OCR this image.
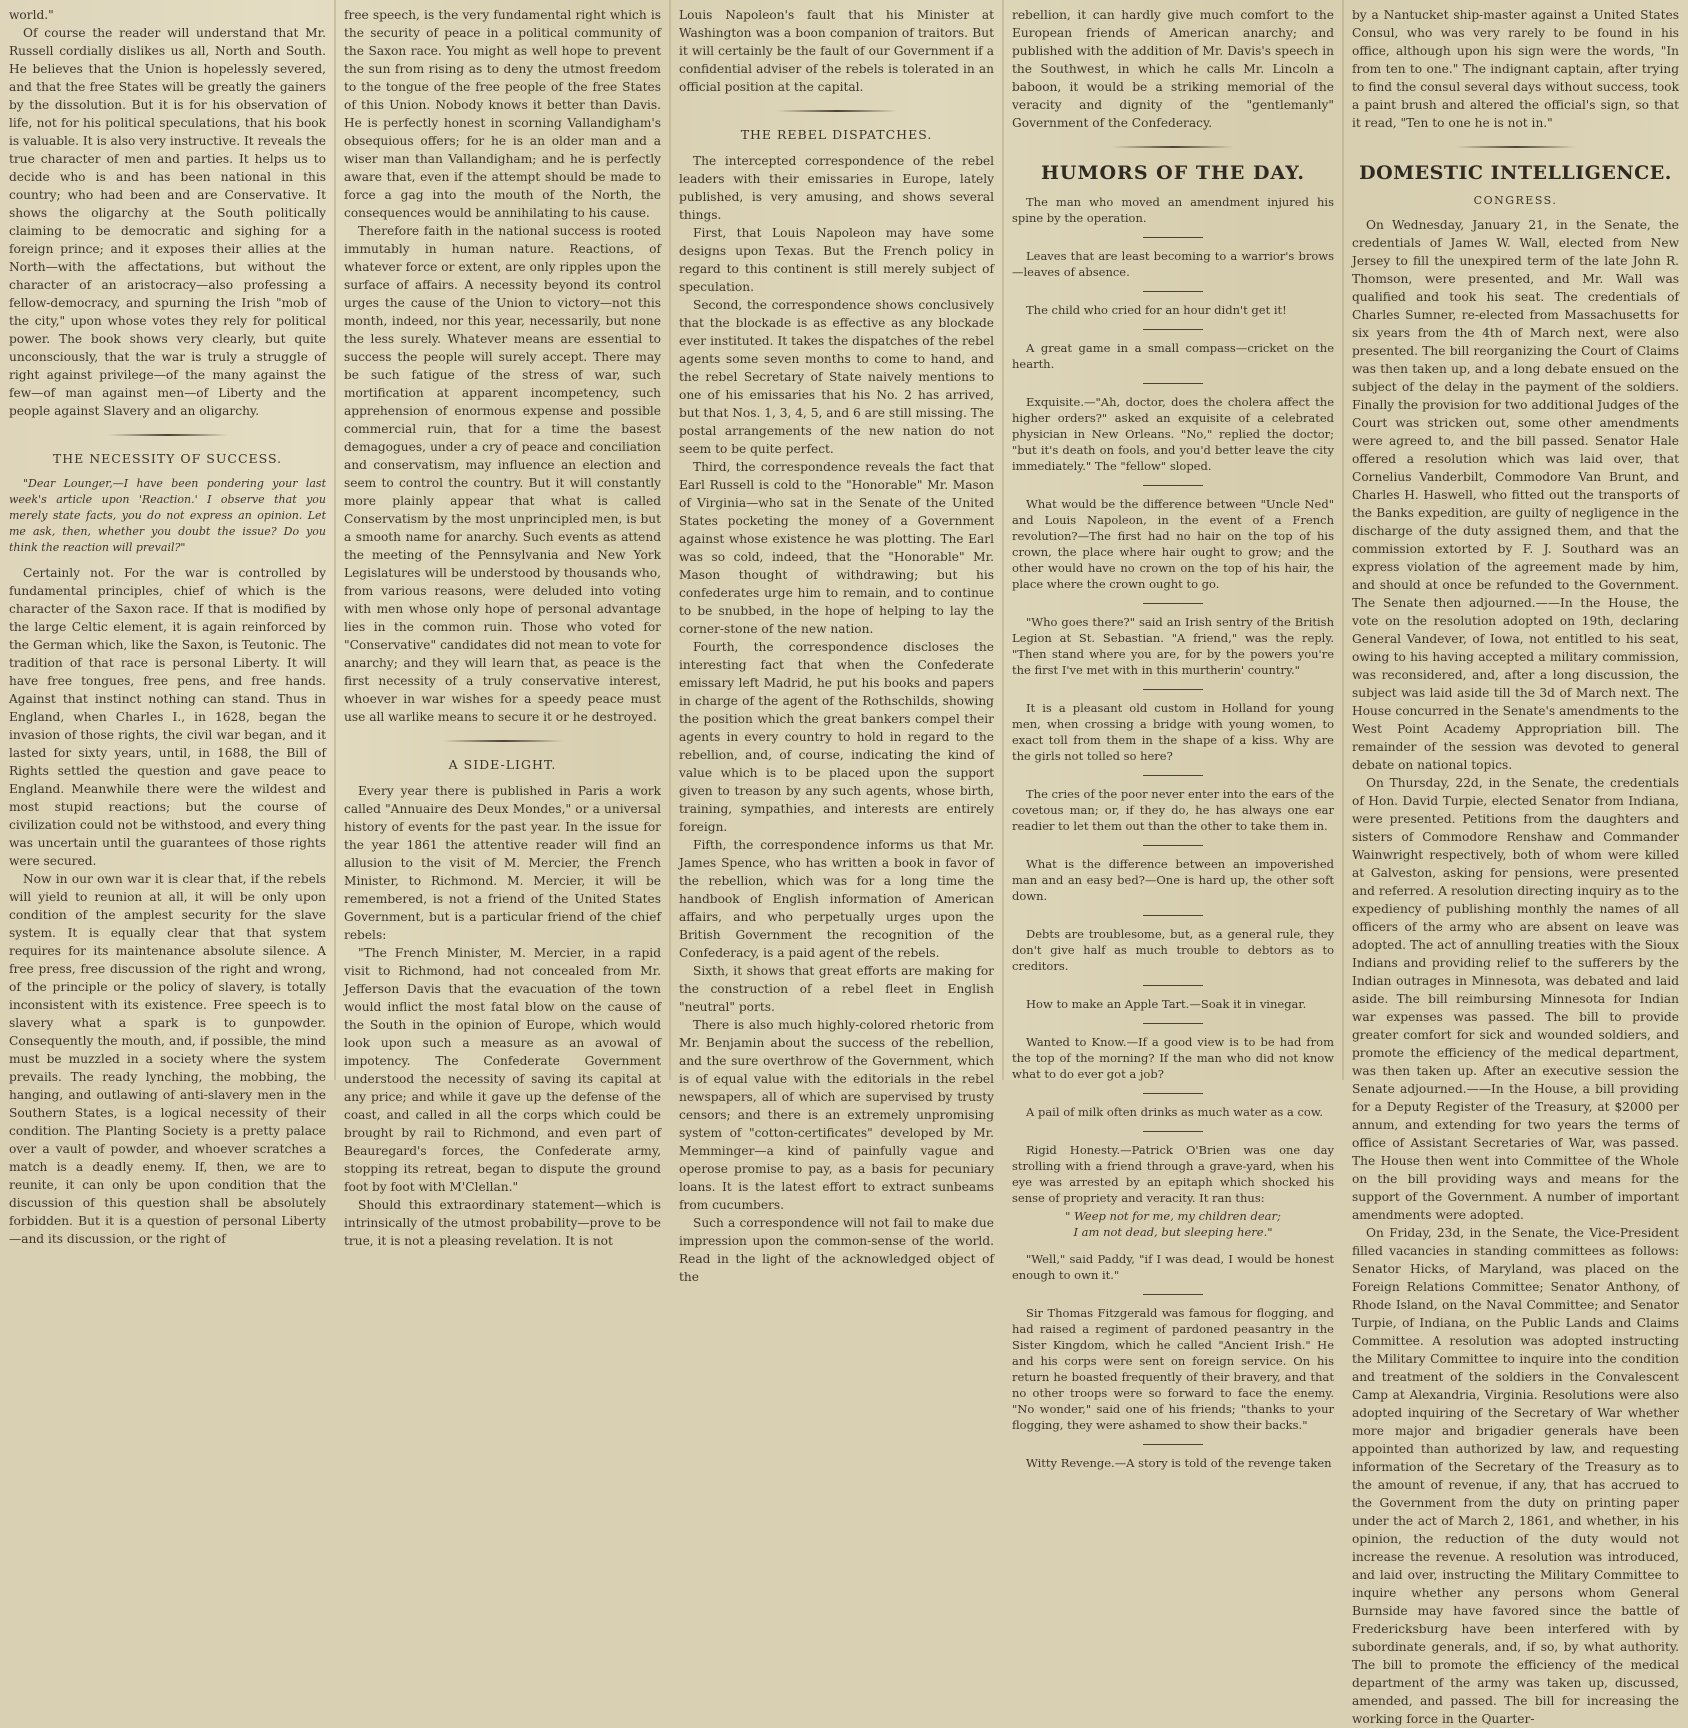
world."

Of course the reader will understand that Mr. Russell cordially dislikes us all, North and South. He believes that the Union is hopelessly severed, and that the free States will be greatly the gainers by the dissolution. But it is for his observation of life, not for his political speculations, that his book is valuable. It is also very instructive. It reveals the true character of men and parties. It helps us to decide who is and has been national in this country; who had been and are Conservative. It shows the oligarchy at the South politically claiming to be democratic and sighing for a foreign prince; and it exposes their allies at the North—with the affectations, but without the character of an aristocracy—also professing a fellow-democracy, and spurning the Irish "mob of the city," upon whose votes they rely for political power. The book shows very clearly, but quite unconsciously, that the war is truly a struggle of right against privilege—of the many against the few—of man against men—of Liberty and the people against Slavery and an oligarchy.

THE NECESSITY OF SUCCESS.

"Dear Lounger,—I have been pondering your last week's article upon 'Reaction.' I observe that you merely state facts, you do not express an opinion. Let me ask, then, whether you doubt the issue? Do you think the reaction will prevail?"

Certainly not. For the war is controlled by fundamental principles, chief of which is the character of the Saxon race. If that is modified by the large Celtic element, it is again reinforced by the German which, like the Saxon, is Teutonic. The tradition of that race is personal Liberty. It will have free tongues, free pens, and free hands. Against that instinct nothing can stand. Thus in England, when Charles I., in 1628, began the invasion of those rights, the civil war began, and it lasted for sixty years, until, in 1688, the Bill of Rights settled the question and gave peace to England. Meanwhile there were the wildest and most stupid reactions; but the course of civilization could not be withstood, and every thing was uncertain until the guarantees of those rights were secured.

Now in our own war it is clear that, if the rebels will yield to reunion at all, it will be only upon condition of the amplest security for the slave system. It is equally clear that that system requires for its maintenance absolute silence. A free press, free discussion of the right and wrong, of the principle or the policy of slavery, is totally inconsistent with its existence. Free speech is to slavery what a spark is to gunpowder. Consequently the mouth, and, if possible, the mind must be muzzled in a society where the system prevails. The ready lynching, the mobbing, the hanging, and outlawing of anti-slavery men in the Southern States, is a logical necessity of their condition. The Planting Society is a pretty palace over a vault of powder, and whoever scratches a match is a deadly enemy. If, then, we are to reunite, it can only be upon condition that the discussion of this question shall be absolutely forbidden. But it is a question of personal Liberty—and its discussion, or the right of

free speech, is the very fundamental right which is the security of peace in a political community of the Saxon race. You might as well hope to prevent the sun from rising as to deny the utmost freedom to the tongue of the free people of the free States of this Union. Nobody knows it better than Davis. He is perfectly honest in scorning Vallandigham's obsequious offers; for he is an older man and a wiser man than Vallandigham; and he is perfectly aware that, even if the attempt should be made to force a gag into the mouth of the North, the consequences would be annihilating to his cause.

Therefore faith in the national success is rooted immutably in human nature. Reactions, of whatever force or extent, are only ripples upon the surface of affairs. A necessity beyond its control urges the cause of the Union to victory—not this month, indeed, nor this year, necessarily, but none the less surely. Whatever means are essential to success the people will surely accept. There may be such fatigue of the stress of war, such mortification at apparent incompetency, such apprehension of enormous expense and possible commercial ruin, that for a time the basest demagogues, under a cry of peace and conciliation and conservatism, may influence an election and seem to control the country. But it will constantly more plainly appear that what is called Conservatism by the most unprincipled men, is but a smooth name for anarchy. Such events as attend the meeting of the Pennsylvania and New York Legislatures will be understood by thousands who, from various reasons, were deluded into voting with men whose only hope of personal advantage lies in the common ruin. Those who voted for "Conservative" candidates did not mean to vote for anarchy; and they will learn that, as peace is the first necessity of a truly conservative interest, whoever in war wishes for a speedy peace must use all warlike means to secure it or he destroyed.

A SIDE-LIGHT.

Every year there is published in Paris a work called "Annuaire des Deux Mondes," or a universal history of events for the past year. In the issue for the year 1861 the attentive reader will find an allusion to the visit of M. Mercier, the French Minister, to Richmond. M. Mercier, it will be remembered, is not a friend of the United States Government, but is a particular friend of the chief rebels:

"The French Minister, M. Mercier, in a rapid visit to Richmond, had not concealed from Mr. Jefferson Davis that the evacuation of the town would inflict the most fatal blow on the cause of the South in the opinion of Europe, which would look upon such a measure as an avowal of impotency. The Confederate Government understood the necessity of saving its capital at any price; and while it gave up the defense of the coast, and called in all the corps which could be brought by rail to Richmond, and even part of Beauregard's forces, the Confederate army, stopping its retreat, began to dispute the ground foot by foot with M'Clellan."

Should this extraordinary statement—which is intrinsically of the utmost probability—prove to be true, it is not a pleasing revelation. It is not

Louis Napoleon's fault that his Minister at Washington was a boon companion of traitors. But it will certainly be the fault of our Government if a confidential adviser of the rebels is tolerated in an official position at the capital.

THE REBEL DISPATCHES.

The intercepted correspondence of the rebel leaders with their emissaries in Europe, lately published, is very amusing, and shows several things.

First, that Louis Napoleon may have some designs upon Texas. But the French policy in regard to this continent is still merely subject of speculation.

Second, the correspondence shows conclusively that the blockade is as effective as any blockade ever instituted. It takes the dispatches of the rebel agents some seven months to come to hand, and the rebel Secretary of State naively mentions to one of his emissaries that his No. 2 has arrived, but that Nos. 1, 3, 4, 5, and 6 are still missing. The postal arrangements of the new nation do not seem to be quite perfect.

Third, the correspondence reveals the fact that Earl Russell is cold to the "Honorable" Mr. Mason of Virginia—who sat in the Senate of the United States pocketing the money of a Government against whose existence he was plotting. The Earl was so cold, indeed, that the "Honorable" Mr. Mason thought of withdrawing; but his confederates urge him to remain, and to continue to be snubbed, in the hope of helping to lay the corner-stone of the new nation.

Fourth, the correspondence discloses the interesting fact that when the Confederate emissary left Madrid, he put his books and papers in charge of the agent of the Rothschilds, showing the position which the great bankers compel their agents in every country to hold in regard to the rebellion, and, of course, indicating the kind of value which is to be placed upon the support given to treason by any such agents, whose birth, training, sympathies, and interests are entirely foreign.

Fifth, the correspondence informs us that Mr. James Spence, who has written a book in favor of the rebellion, which was for a long time the handbook of English information of American affairs, and who perpetually urges upon the British Government the recognition of the Confederacy, is a paid agent of the rebels.

Sixth, it shows that great efforts are making for the construction of a rebel fleet in English "neutral" ports.

There is also much highly-colored rhetoric from Mr. Benjamin about the success of the rebellion, and the sure overthrow of the Government, which is of equal value with the editorials in the rebel newspapers, all of which are supervised by trusty censors; and there is an extremely unpromising system of "cotton-certificates" developed by Mr. Memminger—a kind of painfully vague and operose promise to pay, as a basis for pecuniary loans. It is the latest effort to extract sunbeams from cucumbers.

Such a correspondence will not fail to make due impression upon the common-sense of the world. Read in the light of the acknowledged object of the

rebellion, it can hardly give much comfort to the European friends of American anarchy; and published with the addition of Mr. Davis's speech in the Southwest, in which he calls Mr. Lincoln a baboon, it would be a striking memorial of the veracity and dignity of the "gentlemanly" Government of the Confederacy.

HUMORS OF THE DAY.

The man who moved an amendment injured his spine by the operation.

Leaves that are least becoming to a warrior's brows—leaves of absence.

The child who cried for an hour didn't get it!

A great game in a small compass—cricket on the hearth.

Exquisite.—"Ah, doctor, does the cholera affect the higher orders?" asked an exquisite of a celebrated physician in New Orleans. "No," replied the doctor; "but it's death on fools, and you'd better leave the city immediately." The "fellow" sloped.

What would be the difference between "Uncle Ned" and Louis Napoleon, in the event of a French revolution?—The first had no hair on the top of his crown, the place where hair ought to grow; and the other would have no crown on the top of his hair, the place where the crown ought to go.

"Who goes there?" said an Irish sentry of the British Legion at St. Sebastian. "A friend," was the reply. "Then stand where you are, for by the powers you're the first I've met with in this murtherin' country."

It is a pleasant old custom in Holland for young men, when crossing a bridge with young women, to exact toll from them in the shape of a kiss. Why are the girls not tolled so here?

The cries of the poor never enter into the ears of the covetous man; or, if they do, he has always one ear readier to let them out than the other to take them in.

What is the difference between an impoverished man and an easy bed?—One is hard up, the other soft down.

Debts are troublesome, but, as a general rule, they don't give half as much trouble to debtors as to creditors.

How to make an Apple Tart.—Soak it in vinegar.

Wanted to Know.—If a good view is to be had from the top of the morning? If the man who did not know what to do ever got a job?

A pail of milk often drinks as much water as a cow.

Rigid Honesty.—Patrick O'Brien was one day strolling with a friend through a grave-yard, when his eye was arrested by an epitaph which shocked his sense of propriety and veracity. It ran thus:

" Weep not for me, my children dear;

I am not dead, but sleeping here."

"Well," said Paddy, "if I was dead, I would be honest enough to own it."

Sir Thomas Fitzgerald was famous for flogging, and had raised a regiment of pardoned peasantry in the Sister Kingdom, which he called "Ancient Irish." He and his corps were sent on foreign service. On his return he boasted frequently of their bravery, and that no other troops were so forward to face the enemy. "No wonder," said one of his friends; "thanks to your flogging, they were ashamed to show their backs."

Witty Revenge.—A story is told of the revenge taken

by a Nantucket ship-master against a United States Consul, who was very rarely to be found in his office, although upon his sign were the words, "In from ten to one." The indignant captain, after trying to find the consul several days without success, took a paint brush and altered the official's sign, so that it read, "Ten to one he is not in."

DOMESTIC INTELLIGENCE.
CONGRESS.

On Wednesday, January 21, in the Senate, the credentials of James W. Wall, elected from New Jersey to fill the unexpired term of the late John R. Thomson, were presented, and Mr. Wall was qualified and took his seat. The credentials of Charles Sumner, re-elected from Massachusetts for six years from the 4th of March next, were also presented. The bill reorganizing the Court of Claims was then taken up, and a long debate ensued on the subject of the delay in the payment of the soldiers. Finally the provision for two additional Judges of the Court was stricken out, some other amendments were agreed to, and the bill passed. Senator Hale offered a resolution which was laid over, that Cornelius Vanderbilt, Commodore Van Brunt, and Charles H. Haswell, who fitted out the transports of the Banks expedition, are guilty of negligence in the discharge of the duty assigned them, and that the commission extorted by F. J. Southard was an express violation of the agreement made by him, and should at once be refunded to the Government. The Senate then adjourned.——In the House, the vote on the resolution adopted on 19th, declaring General Vandever, of Iowa, not entitled to his seat, owing to his having accepted a military commission, was reconsidered, and, after a long discussion, the subject was laid aside till the 3d of March next. The House concurred in the Senate's amendments to the West Point Academy Appropriation bill. The remainder of the session was devoted to general debate on national topics.

On Thursday, 22d, in the Senate, the credentials of Hon. David Turpie, elected Senator from Indiana, were presented. Petitions from the daughters and sisters of Commodore Renshaw and Commander Wainwright respectively, both of whom were killed at Galveston, asking for pensions, were presented and referred. A resolution directing inquiry as to the expediency of publishing monthly the names of all officers of the army who are absent on leave was adopted. The act of annulling treaties with the Sioux Indians and providing relief to the sufferers by the Indian outrages in Minnesota, was debated and laid aside. The bill reimbursing Minnesota for Indian war expenses was passed. The bill to provide greater comfort for sick and wounded soldiers, and promote the efficiency of the medical department, was then taken up. After an executive session the Senate adjourned.——In the House, a bill providing for a Deputy Register of the Treasury, at $2000 per annum, and extending for two years the terms of office of Assistant Secretaries of War, was passed. The House then went into Committee of the Whole on the bill providing ways and means for the support of the Government. A number of important amendments were adopted.

On Friday, 23d, in the Senate, the Vice-President filled vacancies in standing committees as follows: Senator Hicks, of Maryland, was placed on the Foreign Relations Committee; Senator Anthony, of Rhode Island, on the Naval Committee; and Senator Turpie, of Indiana, on the Public Lands and Claims Committee. A resolution was adopted instructing the Military Committee to inquire into the condition and treatment of the soldiers in the Convalescent Camp at Alexandria, Virginia. Resolutions were also adopted inquiring of the Secretary of War whether more major and brigadier generals have been appointed than authorized by law, and requesting information of the Secretary of the Treasury as to the amount of revenue, if any, that has accrued to the Government from the duty on printing paper under the act of March 2, 1861, and whether, in his opinion, the reduction of the duty would not increase the revenue. A resolution was introduced, and laid over, instructing the Military Committee to inquire whether any persons whom General Burnside may have favored since the battle of Fredericksburg have been interfered with by subordinate generals, and, if so, by what authority. The bill to promote the efficiency of the medical department of the army was taken up, discussed, amended, and passed. The bill for increasing the working force in the Quarter-
